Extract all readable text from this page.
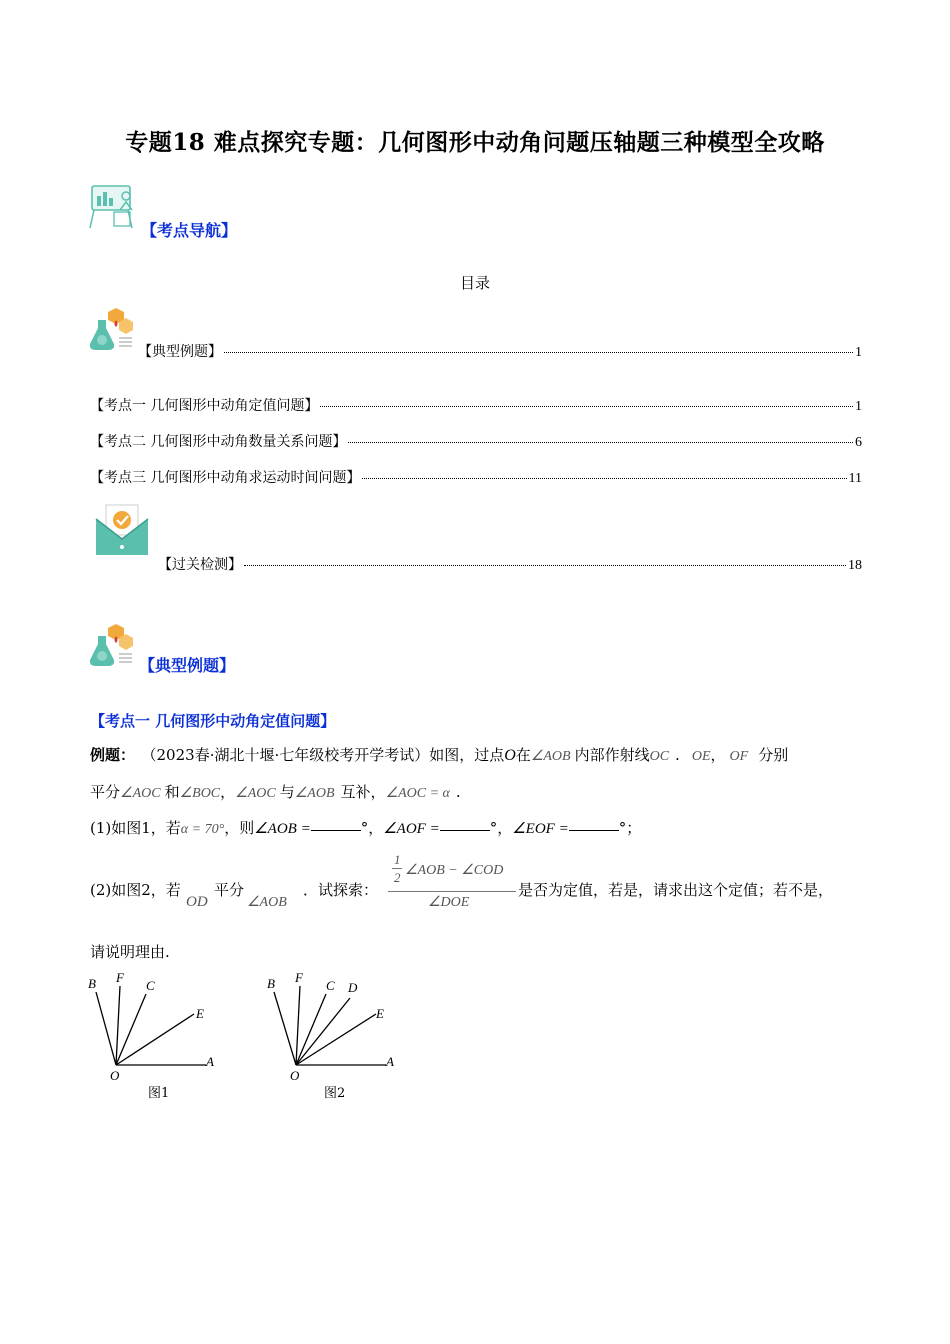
专题18 难点探究专题：几何图形中动角问题压轴题三种模型全攻略
【考点导航】
目录
【典型例题】	1
【考点一 几何图形中动角定值问题】	1
【考点二 几何图形中动角数量关系问题】	6
【考点三 几何图形中动角求运动时间问题】	11
【过关检测】	18
【典型例题】
【考点一 几何图形中动角定值问题】
例题： （2023春·湖北十堰·七年级校考开学考试）如图，过点O在∠AOB 内部作射线OC . OE， OF 分别
平分∠AOC 和∠BOC，∠AOC 与∠AOB 互补，∠AOC = α .
(1)如图1，若α = 70°，则∠AOB =	°，∠AOF =	°，∠EOF =	°；
(2)如图2，若
OD
平分
∠AOB
．试探索：
1
2 ∠AOB − ∠COD
∠DOE
是否为定值，若是，请求出这个定值；若不是，
请说明理由.
B F
C
E
O
A
图1
B F
C D
E
O
A
图2
